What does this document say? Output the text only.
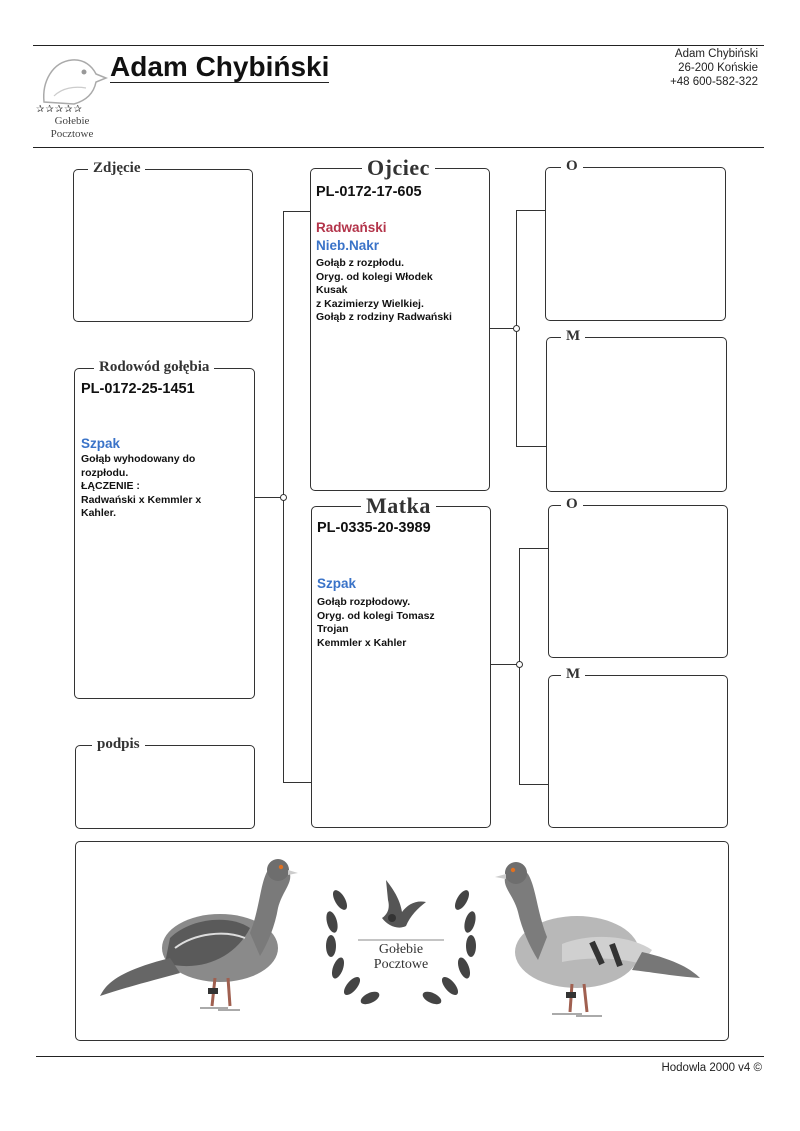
✰✰✰✰✰
Gołebie
Pocztowe
Adam Chybiński	Adam Chybiński
26-200 Końskie
+48 600-582-322
Zdjęcie
Rodowód gołębia
PL-0172-25-1451
Szpak
Gołąb wyhodowany do
rozpłodu.
ŁĄCZENIE :
Radwański x Kemmler x
Kahler.
podpis
Ojciec
PL-0172-17-605
Radwański
Nieb.Nakr
Gołąb z rozpłodu.
Oryg. od kolegi Włodek
Kusak
z Kazimierzy Wielkiej.
Gołąb z rodziny Radwański
Matka
PL-0335-20-3989
Szpak
Gołąb rozpłodowy.
Oryg. od kolegi Tomasz
Trojan
Kemmler x Kahler
O
M
O
M
Gołebie
Pocztowe
Hodowla 2000 v4 ©
